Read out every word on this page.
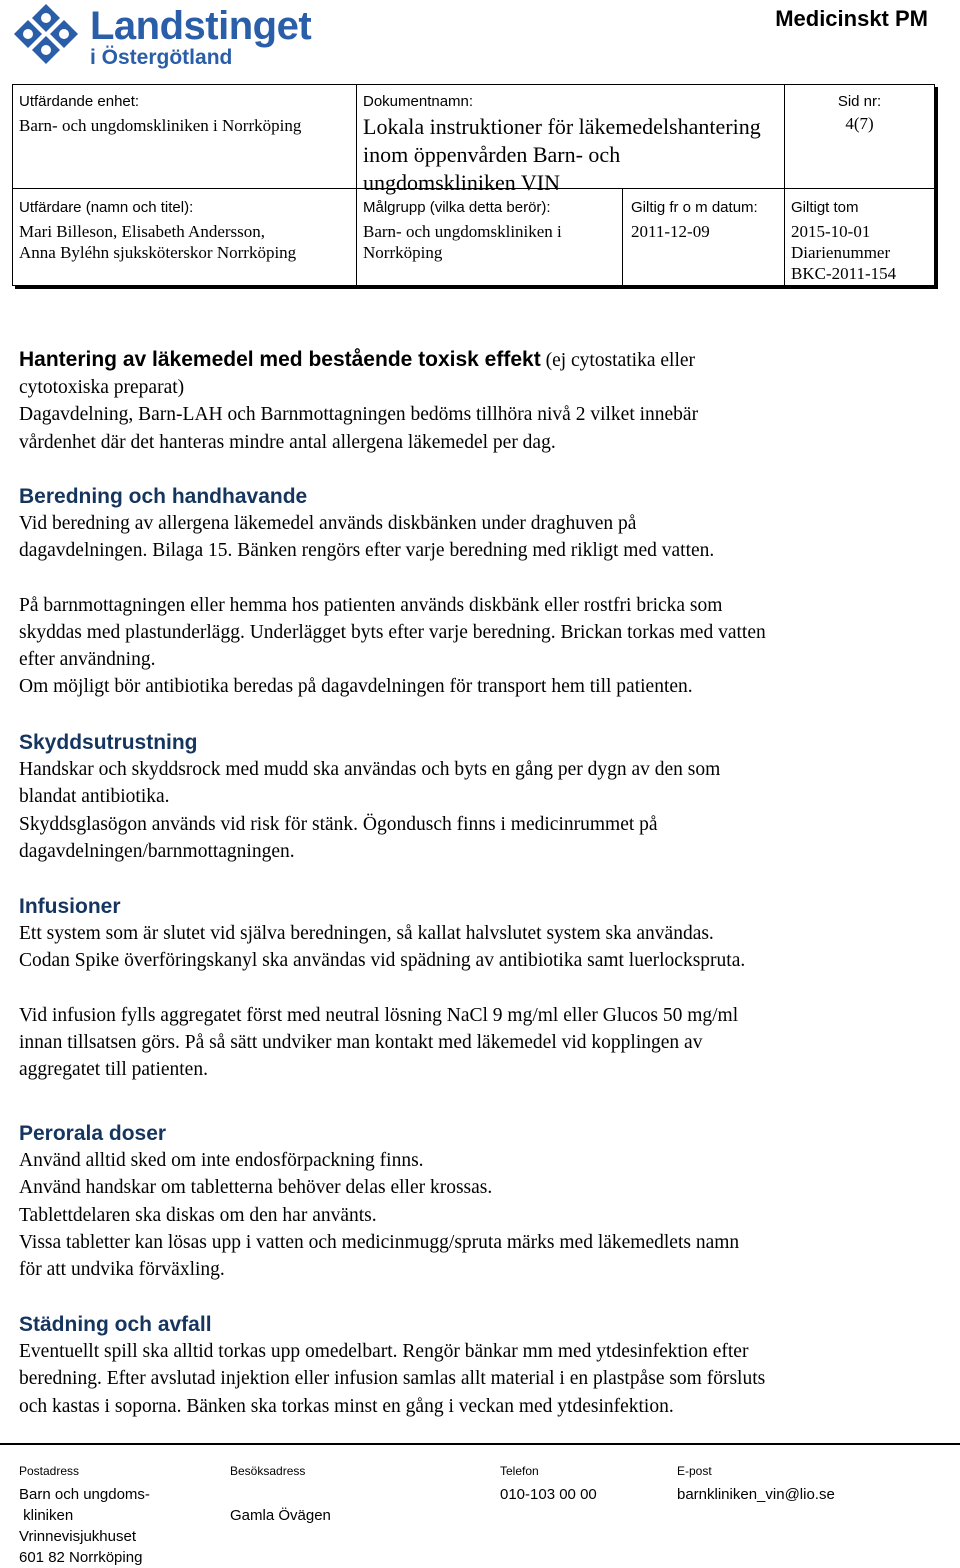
Landstinget
i Östergötland
Medicinskt PM
Utfärdande enhet:
Barn- och ungdomskliniken i Norrköping
Dokumentnamn:
Lokala instruktioner för läkemedelshantering
inom öppenvården Barn- och
ungdomskliniken VIN
Sid nr:
4(7)
Utfärdare (namn och titel):
Mari Billeson, Elisabeth Andersson,
Anna Byléhn sjuksköterskor Norrköping
Målgrupp (vilka detta berör):
Barn- och ungdomskliniken i
Norrköping
Giltig fr o m datum:
2011-12-09
Giltigt tom
2015-10-01
Diarienummer
BKC-2011-154

Hantering av läkemedel med bestående toxisk effekt (ej cytostatika eller

cytotoxiska preparat)

Dagavdelning, Barn-LAH och Barnmottagningen bedöms tillhöra nivå 2 vilket innebär

vårdenhet där det hanteras mindre antal allergena läkemedel per dag.

Beredning och handhavande

Vid beredning av allergena läkemedel används diskbänken under draghuven på

dagavdelningen. Bilaga 15. Bänken rengörs efter varje beredning med rikligt med vatten.

På barnmottagningen eller hemma hos patienten används diskbänk eller rostfri bricka som

skyddas med plastunderlägg. Underlägget byts efter varje beredning. Brickan torkas med vatten

efter användning.

Om möjligt bör antibiotika beredas på dagavdelningen för transport hem till patienten.

Skyddsutrustning

Handskar och skyddsrock med mudd ska användas och byts en gång per dygn av den som

blandat antibiotika.

Skyddsglasögon används vid risk för stänk. Ögondusch finns i medicinrummet på

dagavdelningen/barnmottagningen.

Infusioner

Ett system som är slutet vid själva beredningen, så kallat halvslutet system ska användas.

Codan Spike överföringskanyl ska användas vid spädning av antibiotika samt luerlockspruta.

Vid infusion fylls aggregatet först med neutral lösning NaCl 9 mg/ml eller Glucos 50 mg/ml

innan tillsatsen görs. På så sätt undviker man kontakt med läkemedel vid kopplingen av

aggregatet till patienten.

Perorala doser

Använd alltid sked om inte endosförpackning finns.

Använd handskar om tabletterna behöver delas eller krossas.

Tablettdelaren ska diskas om den har använts.

Vissa tabletter kan lösas upp i vatten och medicinmugg/spruta märks med läkemedlets namn

för att undvika förväxling.

Städning och avfall

Eventuellt spill ska alltid torkas upp omedelbart. Rengör bänkar mm med ytdesinfektion efter

beredning. Efter avslutad injektion eller infusion samlas allt material i en plastpåse som försluts

och kastas i soporna. Bänken ska torkas minst en gång i veckan med ytdesinfektion.

Postadress
Barn och ungdoms-
kliniken
Vrinnevisjukhuset
601 82 Norrköping
Besöksadress
Gamla Övägen
Telefon
010-103 00 00
E-post
barnkliniken_vin@lio.se
